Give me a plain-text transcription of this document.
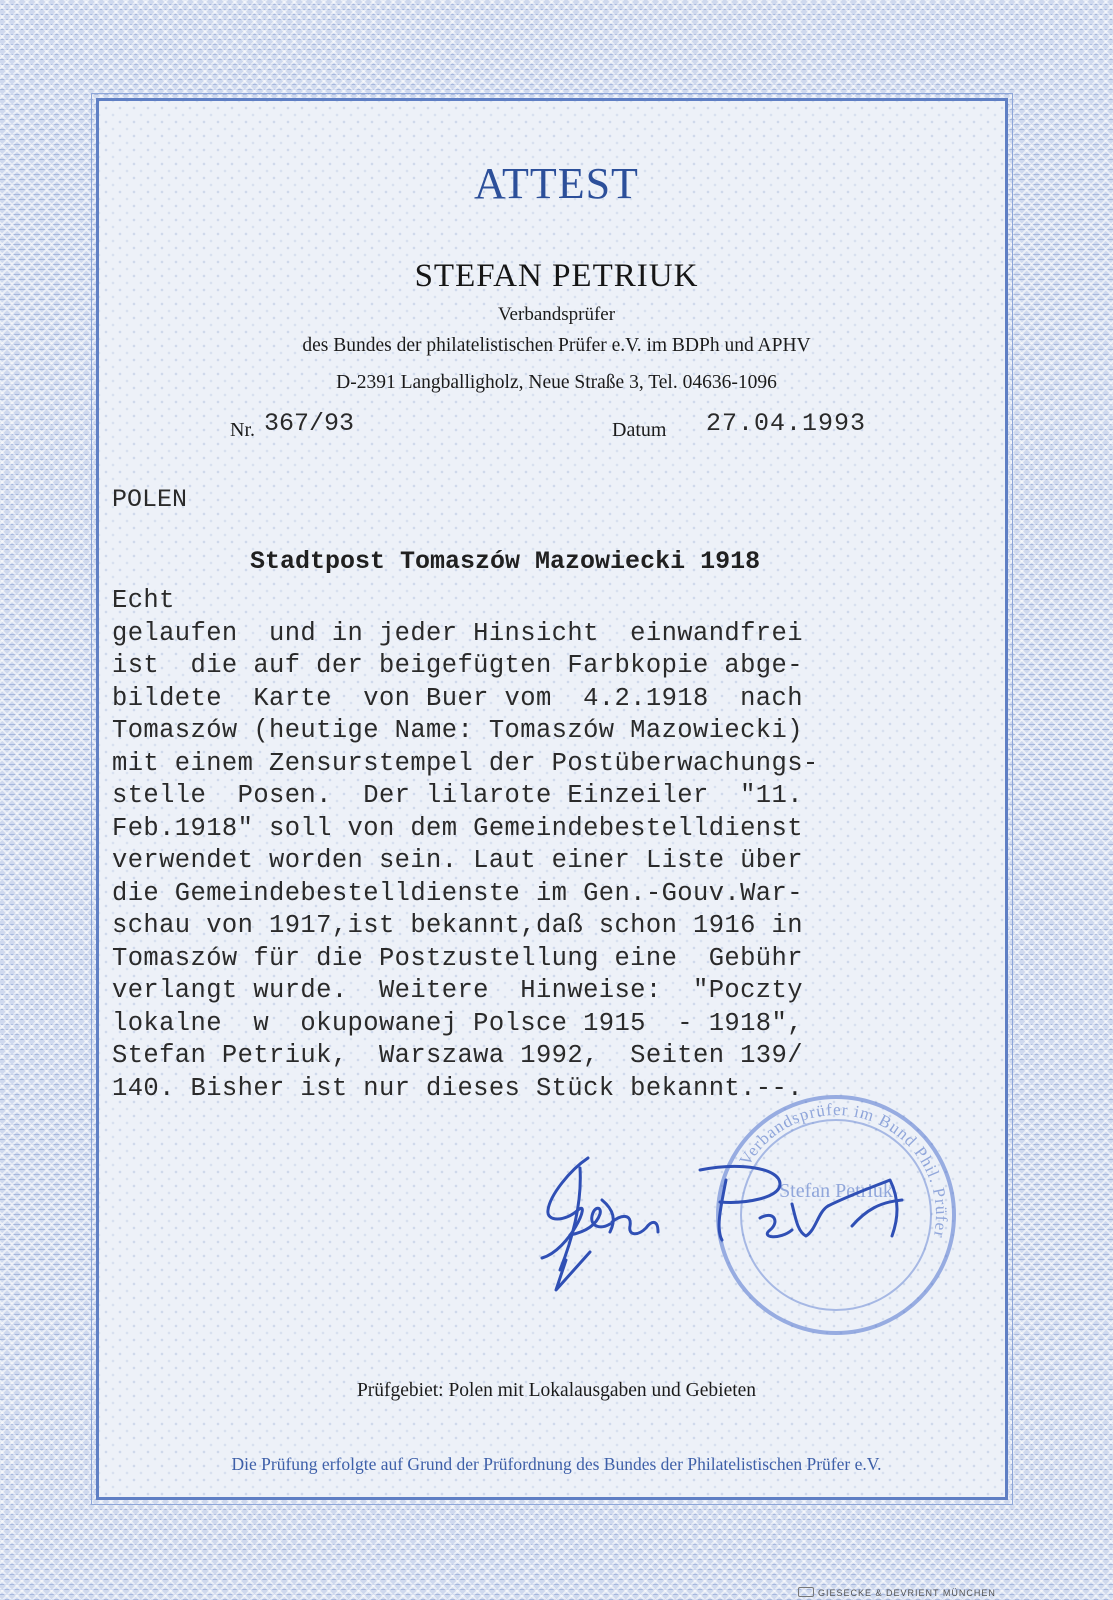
ATTEST
STEFAN PETRIUK
Verbandsprüfer
des Bundes der philatelistischen Prüfer e.V. im BDPh und APHV
D-2391 Langballigholz, Neue Straße 3, Tel. 04636-1096
Nr. 367/93	Datum 27.04.1993
POLEN
Stadtpost Tomaszów Mazowiecki 1918
Echt
gelaufen  und in jeder Hinsicht  einwandfrei
ist  die auf der beigefügten Farbkopie abge-
bildete  Karte  von Buer vom  4.2.1918  nach
Tomaszów (heutige Name: Tomaszów Mazowiecki)
mit einem Zensurstempel der Postüberwachungs-
stelle  Posen.  Der lilarote Einzeiler  "11.
Feb.1918" soll von dem Gemeindebestelldienst
verwendet worden sein. Laut einer Liste über
die Gemeindebestelldienste im Gen.-Gouv.War-
schau von 1917,ist bekannt,daß schon 1916 in
Tomaszów für die Postzustellung eine  Gebühr
verlangt wurde.  Weitere  Hinweise:  "Poczty
lokalne  w  okupowanej Polsce 1915  - 1918",
Stefan Petriuk,  Warszawa 1992,  Seiten 139/
140. Bisher ist nur dieses Stück bekannt.--.
Verbandsprüfer im Bund Phil. Prüfer
Stefan Petriuk
Prüfgebiet: Polen mit Lokalausgaben und Gebieten
Die Prüfung erfolgte auf Grund der Prüfordnung des Bundes der Philatelistischen Prüfer e.V.
GIESECKE & DEVRIENT MÜNCHEN
